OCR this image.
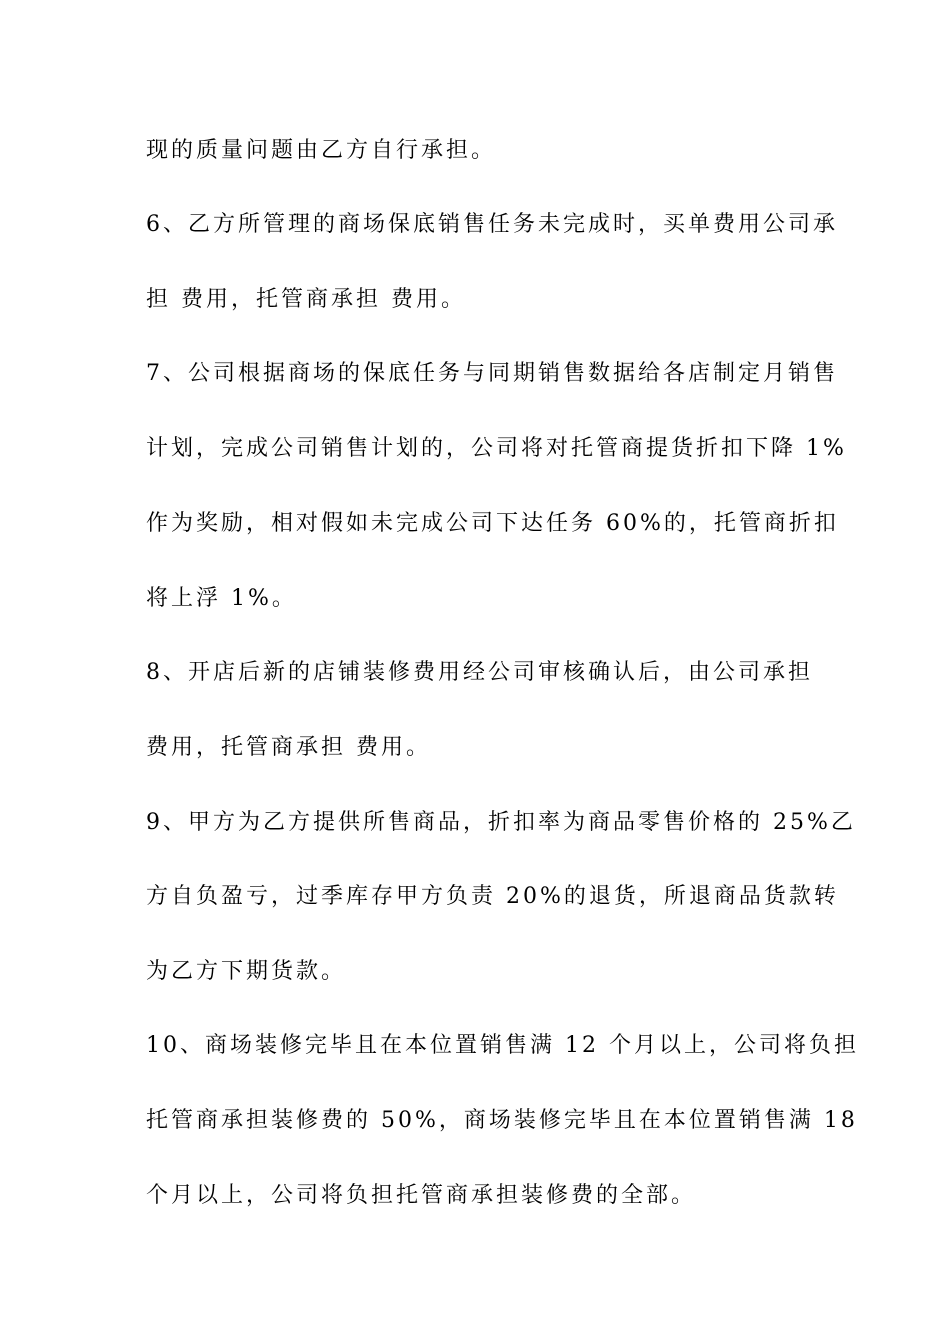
现的质量问题由乙方自行承担。
6、乙方所管理的商场保底销售任务未完成时，买单费用公司承
担 费用，托管商承担 费用。
7、公司根据商场的保底任务与同期销售数据给各店制定月销售
计划，完成公司销售计划的，公司将对托管商提货折扣下降 1%
作为奖励，相对假如未完成公司下达任务 60%的，托管商折扣
将上浮 1%。
8、开店后新的店铺装修费用经公司审核确认后，由公司承担
费用，托管商承担 费用。
9、甲方为乙方提供所售商品，折扣率为商品零售价格的 25%乙
方自负盈亏，过季库存甲方负责 20%的退货，所退商品货款转
为乙方下期货款。
10、商场装修完毕且在本位置销售满 12 个月以上，公司将负担
托管商承担装修费的 50%，商场装修完毕且在本位置销售满 18
个月以上，公司将负担托管商承担装修费的全部。
